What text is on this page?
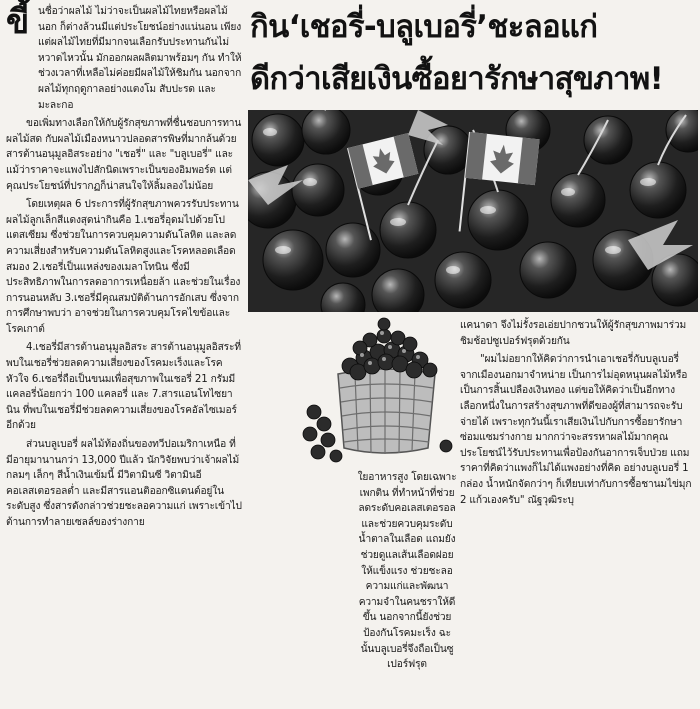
ขี้	กิน‘เชอรี่-บลูเบอรี่’ชะลอแก่
ดีกว่าเสียเงินซื้อยารักษาสุขภาพ!

นชื่อว่าผลไม้ ไม่ว่าจะเป็นผลไม้ไทยหรือผลไม้นอก ก็ต่างล้วนมีแต่ประโยชน์อย่างแน่นอน เพียงแต่ผลไม้ไทยที่มีมากจนเลือกรับประทานกันไม่หวาดไหวนั้น มักออกผลผลิตมาพร้อมๆ กัน ทำให้ช่วงเวลาที่เหลือไม่ค่อยมีผลไม้ให้ชิมกัน นอกจากผลไม้ทุกฤดูกาลอย่างแตงโม สับปะรด และมะละกอ

ขอเพิ่มทางเลือกให้กับผู้รักสุขภาพที่ชื่นชอบการทานผลไม้สด กับผลไม้เมืองหนาวปลอดสารพิษที่มากล้นด้วยสารต้านอนุมูลอิสระอย่าง "เชอรี่" และ "บลูเบอรี่" และแม้ว่าราคาจะแพงไปสักนิดเพราะเป็นของอิมพอร์ต แต่คุณประโยชน์ที่ปรากฏก็น่าสนใจให้ลิ้มลองไม่น้อย

โดยเหตุผล 6 ประการที่ผู้รักสุขภาพควรรับประทานผลไม้ลูกเล็กสีแดงสุดน่ากินคือ 1.เชอรี่อุดมไปด้วยโปแตสเซียม ซึ่งช่วยในการควบคุมความดันโลหิต และลดความเสี่ยงสำหรับความดันโลหิตสูงและโรคหลอดเลือดสมอง 2.เชอรี่เป็นแหล่งของเมลาโทนิน ซึ่งมีประสิทธิภาพในการลดอาการเหนื่อยล้า และช่วยในเรื่องการนอนหลับ 3.เชอรี่มีคุณสมบัติต้านการอักเสบ ซึ่งจากการศึกษาพบว่า อาจช่วยในการควบคุมโรคไขข้อและโรคเกาต์

4.เชอรี่มีสารต้านอนุมูลอิสระ สารต้านอนุมูลอิสระที่พบในเชอรี่ช่วยลดความเสี่ยงของโรคมะเร็งและโรคหัวใจ 6.เชอรี่ถือเป็นขนมเพื่อสุขภาพในเชอรี่ 21 กรัมมีแคลอรี่น้อยกว่า 100 แคลอรี่ และ 7.สารแอนโทไซยานิน ที่พบในเชอรี่มีช่วยลดความเสี่ยงของโรคอัลไซเมอร์อีกด้วย

ส่วนบลูเบอรี่ ผลไม้ท้องถิ่นของทวีปอเมริกาเหนือ ที่มีอายุมานานกว่า 13,000 ปีแล้ว นักวิจัยพบว่าเจ้าผลไม้กลมๆ เล็กๆ สีน้ำเงินเข้มนี้ มีวิตามินซี วิตามินอี คอเลสเตอรอลต่ำ และมีสารแอนติออกซิแดนต์อยู่ในระดับสูง ซึ่งสารดังกล่าวช่วยชะลอความแก่ เพราะเข้าไปต้านการทำลายเซลล์ของร่างกาย

ใยอาหารสูง โดยเฉพาะเพกติน ที่ทำหน้าที่ช่วยลดระดับคอเลสเตอรอล และช่วยควบคุมระดับน้ำตาลในเลือด แถมยังช่วยดูแลเส้นเลือดฝอยให้แข็งแรง ช่วยชะลอความแก่และพัฒนาความจำในคนชราให้ดีขึ้น นอกจากนี้ยังช่วยป้องกันโรคมะเร็ง ฉะนั้นบลูเบอรี่จึงถือเป็นซูเปอร์ฟรุต

แคนาดา จึงไม่รั้งรอเอ่ยปากชวนให้ผู้รักสุขภาพมาร่วมชิมช้อปซูเปอร์ฟรุตด้วยกัน

"ผมไม่อยากให้คิดว่าการนำเอาเชอรี่กับบลูเบอรี่จากเมืองนอกมาจำหน่าย เป็นการไม่อุดหนุนผลไม้หรือเป็นการสิ้นเปลืองเงินทอง แต่ขอให้คิดว่าเป็นอีกทางเลือกหนึ่งในการสร้างสุขภาพที่ดีของผู้ที่สามารถจะรับจ่ายได้ เพราะทุกวันนี้เราเสียเงินไปกับการซื้อยารักษาซ่อมแซมร่างกาย มากกว่าจะสรรหาผลไม้มากคุณประโยชน์ไว้รับประทานเพื่อป้องกันอาการเจ็บป่วย แถมราคาที่คิดว่าแพงก็ไม่ได้แพงอย่างที่คิด อย่างบลูเบอรี่ 1 กล่อง น้ำหนักจัดกว่าๆ ก็เทียบเท่ากับการซื้อชานมไข่มุก 2 แก้วเองครับ" ณัฐวุฒิระบุ
